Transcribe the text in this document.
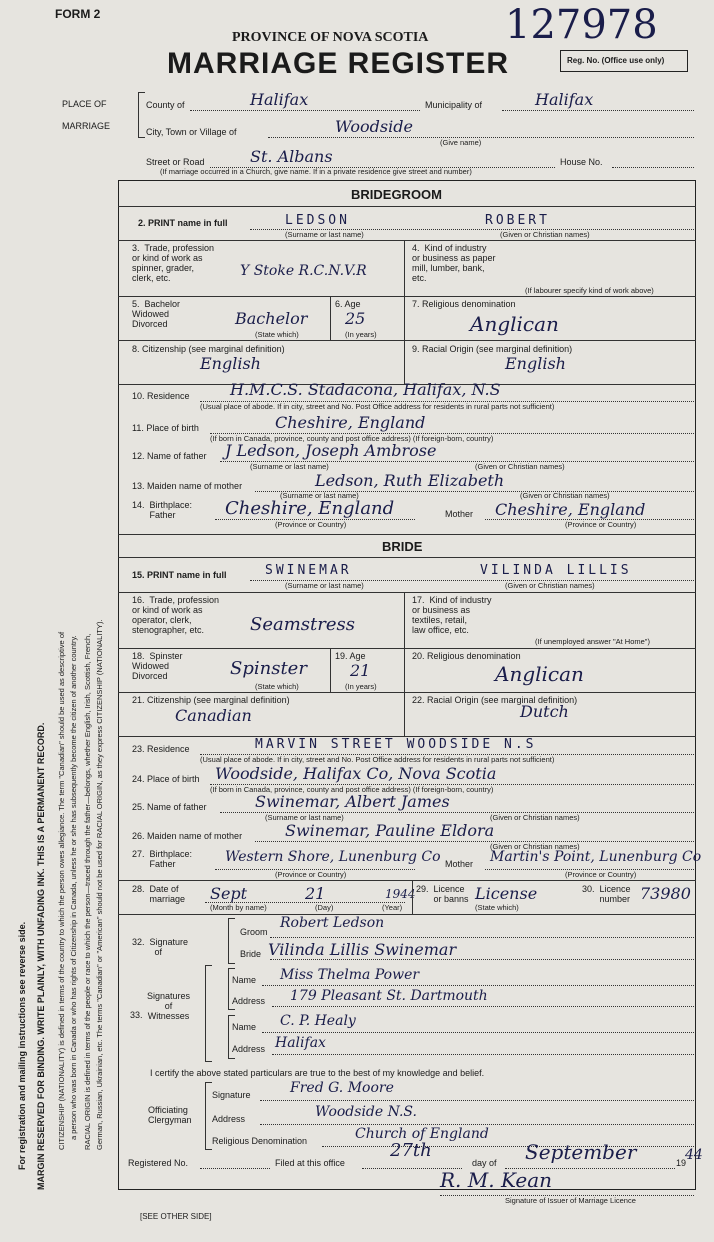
FORM 2
PROVINCE OF NOVA SCOTIA
MARRIAGE REGISTER
127978
Reg. No. (Office use only)
PLACE OF
MARRIAGE
County of	Halifax	Municipality of	Halifax
City, Town or Village of	Woodside
(Give name)
Street or Road	St. Albans	House No.
(If marriage occurred in a Church, give name. If in a private residence give street and number)
For registration and mailing instructions see reverse side. MARGIN RESERVED FOR BINDING. WRITE PLAINLY, WITH UNFADING INK. THIS IS A PERMANENT RECORD. CITIZENSHIP (NATIONALITY) is defined in terms of the country to which the person owes allegiance. The term "Canadian" should be used as descriptive of a person who was born in Canada or who has rights of Citizenship in Canada, unless he or she has subsequently become the citizen of another country. RACIAL ORIGIN is defined in terms of the people or race to which the person—traced through the father—belongs, whether English, Irish, Scottish, French, German, Russian, Ukrainian, etc. The terms "Canadian" or "American" should not be used for RACIAL ORIGIN, as they express CITIZENSHIP (NATIONALITY).
BRIDEGROOM
2. PRINT name in full	LEDSON	ROBERT
(Surname or last name)	(Given or Christian names)
3.  Trade, profession
or kind of work as
spinner, grader,
clerk, etc.	Y Stoke R.C.N.V.R
4.  Kind of industry
or business as paper
mill, lumber, bank,
etc.
(If labourer specify kind of work above)
5.  Bachelor
Widowed
Divorced	Bachelor
(State which)
6. Age
25
(In years)
7. Religious denomination
Anglican
8. Citizenship (see marginal definition)
English
9. Racial Origin (see marginal definition)
English
10. Residence	H.M.C.S. Stadacona, Halifax, N.S
(Usual place of abode. If in city, street and No. Post Office address for residents in rural parts not sufficient)
11. Place of birth	Cheshire, England
(If born in Canada, province, county and post office address) (If foreign-born, country)
12. Name of father J Ledson, Joseph Ambrose
(Surname or last name)	(Given or Christian names)
13. Maiden name of mother	Ledson, Ruth Elizabeth
(Surname or last name)	(Given or Christian names)
14.  Birthplace:
Father	Cheshire, England	Mother Cheshire, England
(Province or Country)	(Province or Country)
BRIDE
15. PRINT name in full	SWINEMAR	VILINDA LILLIS
(Surname or last name)	(Given or Christian names)
16.  Trade, profession
or kind of work as
operator, clerk,
stenographer, etc.	Seamstress
17.  Kind of industry
or business as
textiles, retail,
law office, etc.
(If unemployed answer "At Home")
18.  Spinster
Widowed
Divorced	Spinster
(State which)
19. Age
21
(In years)
20. Religious denomination
Anglican
21. Citizenship (see marginal definition)
Canadian
22. Racial Origin (see marginal definition)
Dutch
23. Residence	MARVIN STREET WOODSIDE N.S
(Usual place of abode. If in city, street and No. Post Office address for residents in rural parts not sufficient)
24. Place of birth Woodside, Halifax Co, Nova Scotia
(If born in Canada, province, county and post office address) (If foreign-born, country)
25. Name of father	Swinemar, Albert James
(Surname or last name)	(Given or Christian names)
26. Maiden name of mother	Swinemar, Pauline Eldora
(Given or Christian names)
27.  Birthplace:
Father	Western Shore, Lunenburg Co Mother Martin's Point, Lunenburg Co
(Province or Country)	(Province or Country)
28.  Date of
marriage Sept	21	1944
(Month by name)	(Day)	(Year)
29.  Licence
or banns License
(State which)
30.  Licence
number 73980
32.  Signature
of
Groom
Robert Ledson
Bride Vilinda Lillis Swinemar
33.
Signatures
of
Witnesses
Name Miss Thelma Power
Address 179 Pleasant St. Dartmouth
Name C. P. Healy
Address Halifax
I certify the above stated particulars are true to the best of my knowledge and belief.
Officiating
Clergyman
Signature	Fred G. Moore
Address	Woodside N.S.
Religious Denomination	Church of England
Registered No.	Filed at this office
27th
day of September	19
44
R. M. Kean
Signature of Issuer of Marriage Licence
[SEE OTHER SIDE]
